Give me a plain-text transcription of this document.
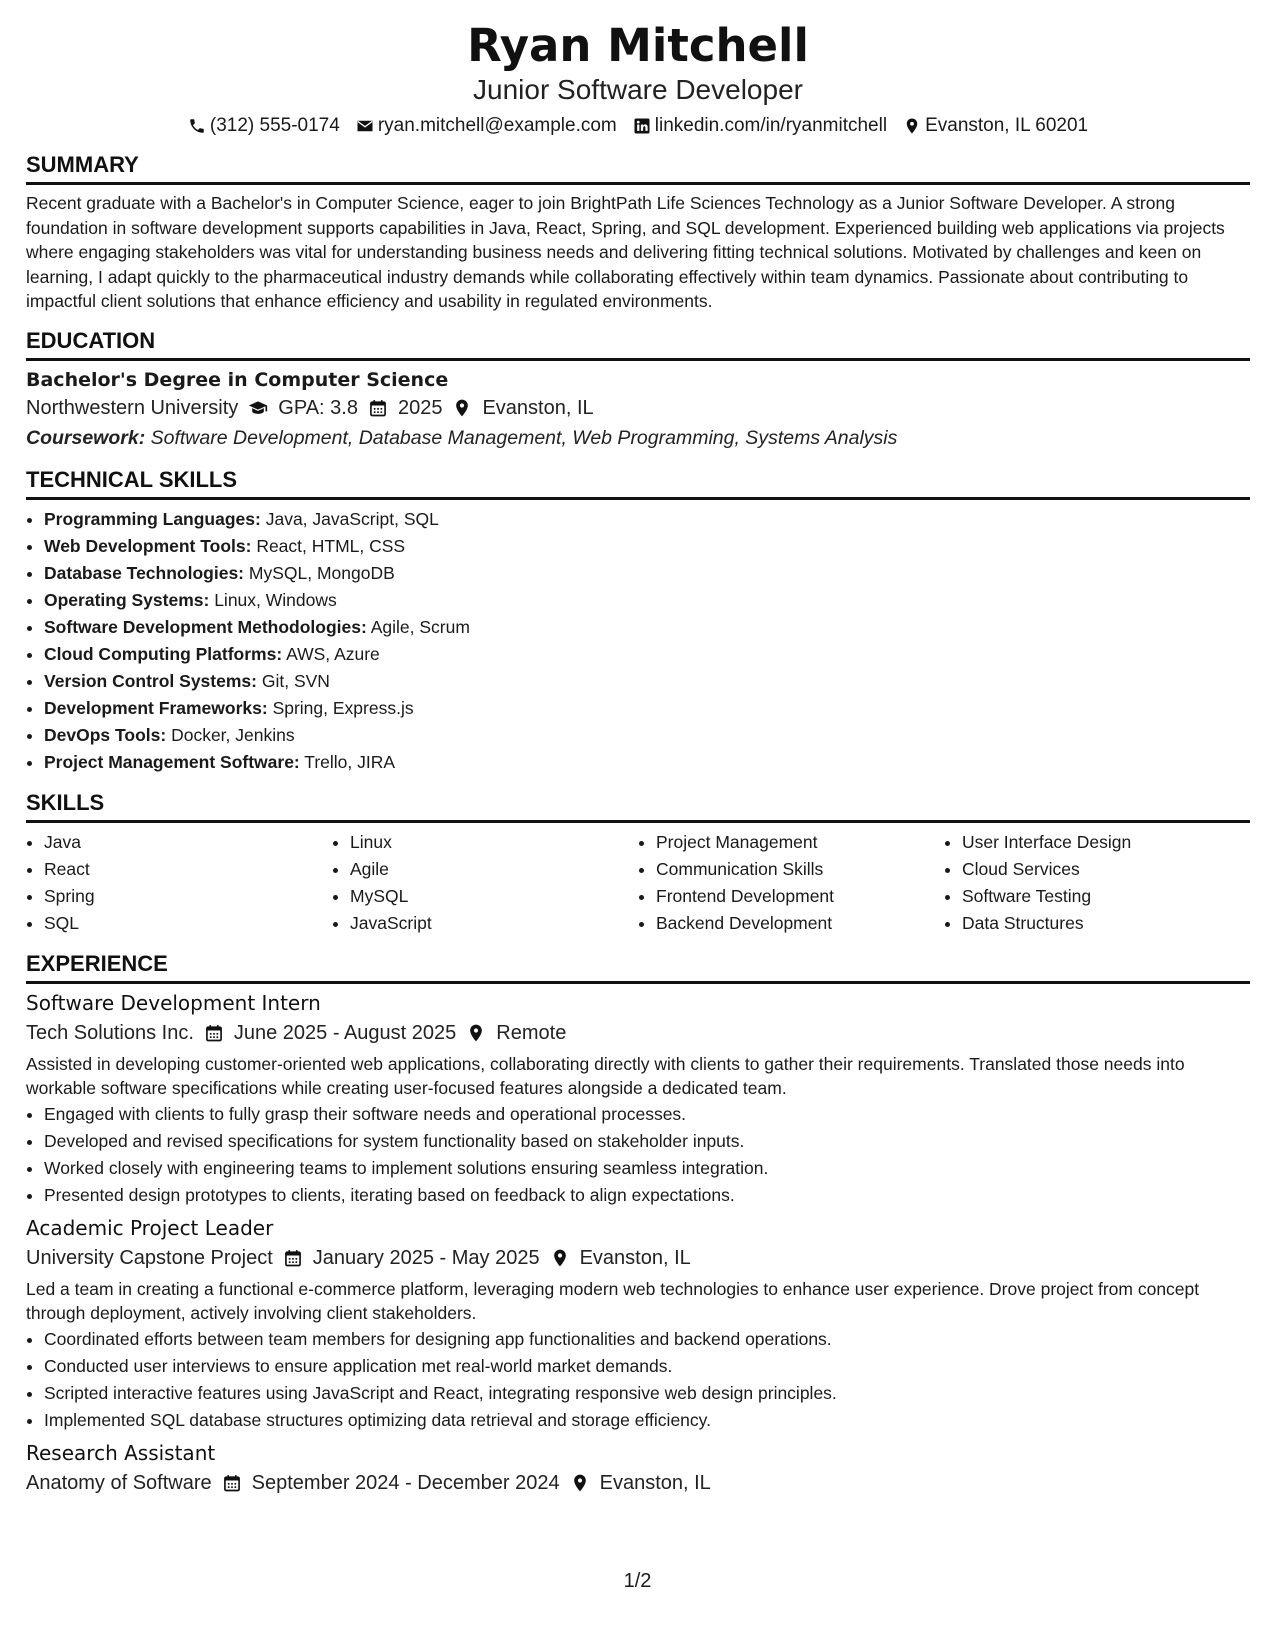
Ryan Mitchell
Junior Software Developer
(312) 555-0174 ryan.mitchell@example.com linkedin.com/in/ryanmitchell Evanston, IL 60201
SUMMARY
Recent graduate with a Bachelor's in Computer Science, eager to join BrightPath Life Sciences Technology as a Junior Software Developer. A strong foundation in software development supports capabilities in Java, React, Spring, and SQL development. Experienced building web applications via projects where engaging stakeholders was vital for understanding business needs and delivering fitting technical solutions. Motivated by challenges and keen on learning, I adapt quickly to the pharmaceutical industry demands while collaborating effectively within team dynamics. Passionate about contributing to impactful client solutions that enhance efficiency and usability in regulated environments.
EDUCATION
Bachelor's Degree in Computer Science
Northwestern University GPA: 3.8 2025 Evanston, IL
Coursework: Software Development, Database Management, Web Programming, Systems Analysis
TECHNICAL SKILLS
• Programming Languages: Java, JavaScript, SQL
• Web Development Tools: React, HTML, CSS
• Database Technologies: MySQL, MongoDB
• Operating Systems: Linux, Windows
• Software Development Methodologies: Agile, Scrum
• Cloud Computing Platforms: AWS, Azure
• Version Control Systems: Git, SVN
• Development Frameworks: Spring, Express.js
• DevOps Tools: Docker, Jenkins
• Project Management Software: Trello, JIRA
SKILLS
• Java
• React
• Spring
• SQL
• Linux
• Agile
• MySQL
• JavaScript
• Project Management
• Communication Skills
• Frontend Development
• Backend Development
• User Interface Design
• Cloud Services
• Software Testing
• Data Structures
EXPERIENCE
Software Development Intern
Tech Solutions Inc. June 2025 - August 2025 Remote
Assisted in developing customer-oriented web applications, collaborating directly with clients to gather their requirements. Translated those needs into workable software specifications while creating user-focused features alongside a dedicated team.
• Engaged with clients to fully grasp their software needs and operational processes.
• Developed and revised specifications for system functionality based on stakeholder inputs.
• Worked closely with engineering teams to implement solutions ensuring seamless integration.
• Presented design prototypes to clients, iterating based on feedback to align expectations.
Academic Project Leader
University Capstone Project January 2025 - May 2025 Evanston, IL
Led a team in creating a functional e-commerce platform, leveraging modern web technologies to enhance user experience. Drove project from concept through deployment, actively involving client stakeholders.
• Coordinated efforts between team members for designing app functionalities and backend operations.
• Conducted user interviews to ensure application met real-world market demands.
• Scripted interactive features using JavaScript and React, integrating responsive web design principles.
• Implemented SQL database structures optimizing data retrieval and storage efficiency.
Research Assistant
Anatomy of Software September 2024 - December 2024 Evanston, IL
1/2
